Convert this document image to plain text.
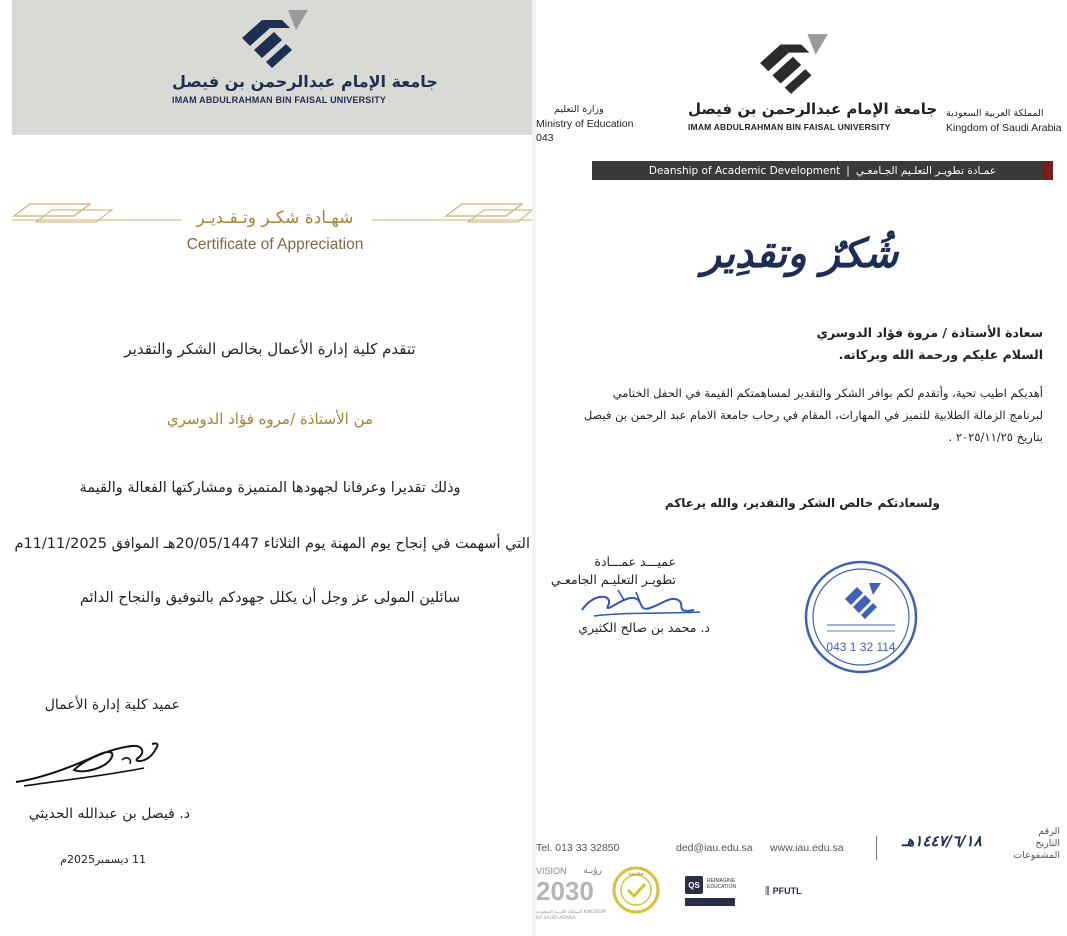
جامعة الإمام عبدالرحمن بن فيصل
IMAM ABDULRAHMAN BIN FAISAL UNIVERSITY
شهـادة شكـر وتـقـديـر
Certificate of Appreciation
تتقدم كلية إدارة الأعمال بخالص الشكر والتقدير
من الأستاذة /مروه فؤاد الدوسري
وذلك تقديرا وعرفانا لجهودها المتميزة ومشاركتها الفعالة والقيمة
التي أسهمت في إنجاح يوم المهنة يوم الثلاثاء 20/05/1447هـ الموافق 11/11/2025م
سائلين المولى عز وجل أن يكلل جهودكم بالتوفيق والنجاح الدائم
عميد كلية إدارة الأعمال
د. فيصل بن عبدالله الحديثي
11 ديسمبر2025م
جامعة الإمام عبدالرحمن بن فيصل
IMAM ABDULRAHMAN BIN FAISAL UNIVERSITY
المملكة العربية السعودية
Kingdom of Saudi Arabia
وزارة التعليم
Ministry of Education
043
Deanship of Academic Development | عمـادة تطويـر التعلـيم الجـامعـي
شُكرٌ وتقدِير
سعادة الأستاذة / مروة فؤاد الدوسري
السلام عليكم ورحمة الله وبركاته.
أهديكم اطيب تحية، وأتقدم لكم بوافر الشكر والتقدير لمساهمتكم القيمة في الحفل الختامي
لبرنامج الزمالة الطلابية للتميز في المهارات، المقام في رحاب جامعة الامام عبد الرحمن بن فيصل
بتاريخ ٢٠٢٥/١١/٢٥ .
ولسعادتكم خالص الشكر والتقدير، والله يرعاكم
عميـــد عمـــادة
تطويـر التعليـم الجامعـي
د. محمد بن صالح الكثيري
043 1 32 114
Tel. 013 33 32850	ded@iau.edu.sa www.iau.edu.sa	١٤٤٧/٦/١٨هـ
الرقم
التاريخ
المشفوعات
رؤيـة
VISION
2030
المملكة العربية السعودية KINGDOM OF SAUDI ARABIA
معتمد
QS	REIMAGINE EDUCATION	⫼ PFUTL
